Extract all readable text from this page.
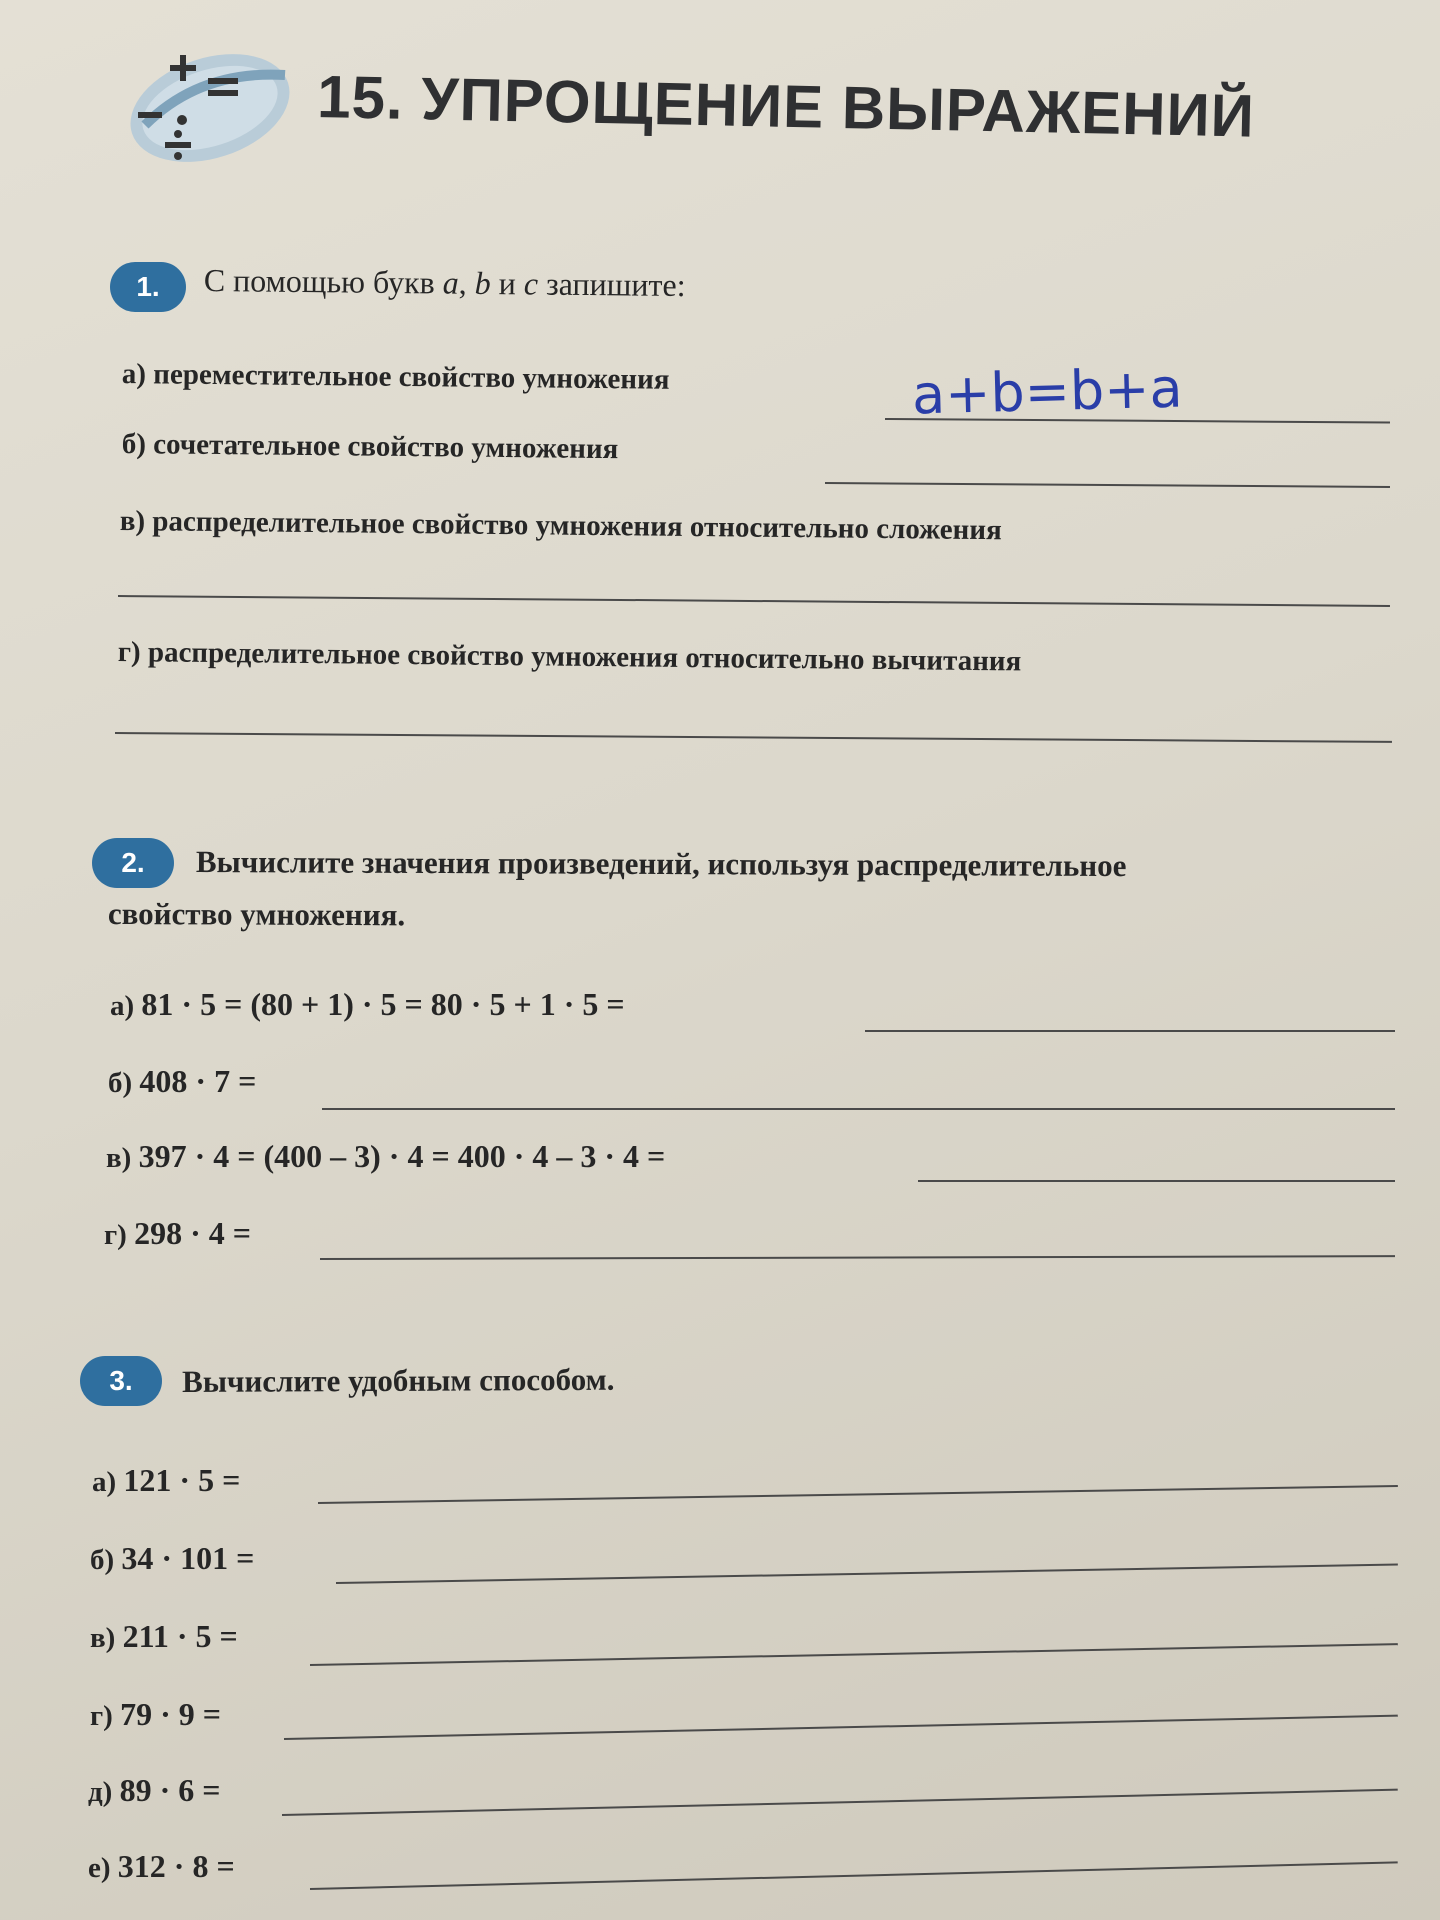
15. УПРОЩЕНИЕ ВЫРАЖЕНИЙ
1.	С помощью букв a, b и c запишите:
а) переместительное свойство умножения	a+b=b+a
б) сочетательное свойство умножения
в) распределительное свойство умножения относительно сложения
г) распределительное свойство умножения относительно вычитания
2.	Вычислите значения произведений, используя распределительное
свойство умножения.
а) 81 · 5 = (80 + 1) · 5 = 80 · 5 + 1 · 5 =
б) 408 · 7 =
в) 397 · 4 = (400 – 3) · 4 = 400 · 4 – 3 · 4 =
г) 298 · 4 =
3.	Вычислите удобным способом.
а) 121 · 5 =
б) 34 · 101 =
в) 211 · 5 =
г) 79 · 9 =
д) 89 · 6 =
е) 312 · 8 =
